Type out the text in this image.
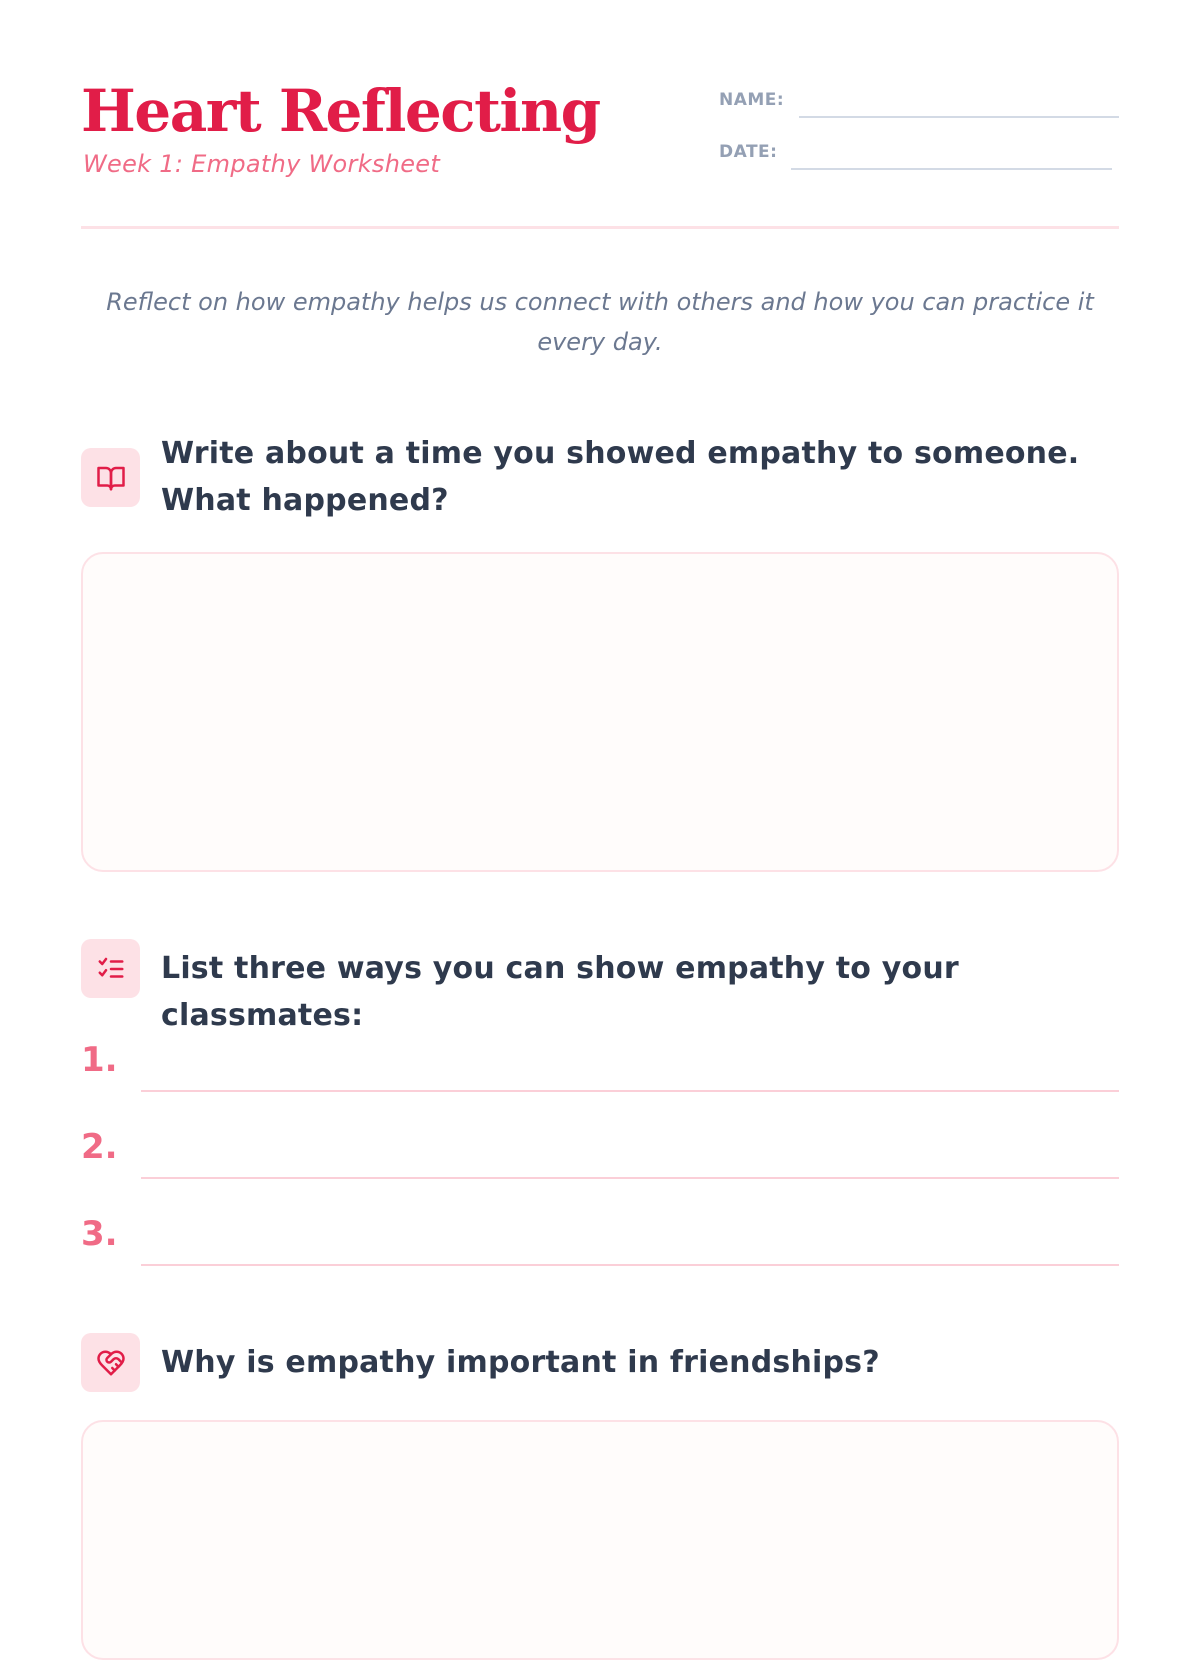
Heart Reflecting
Week 1: Empathy Worksheet
NAME:
DATE:
Reflect on how empathy helps us connect with others and how you can practice it every day.
Write about a time you showed empathy to someone. What happened?
List three ways you can show empathy to your classmates:
1.
2.
3.
Why is empathy important in friendships?
